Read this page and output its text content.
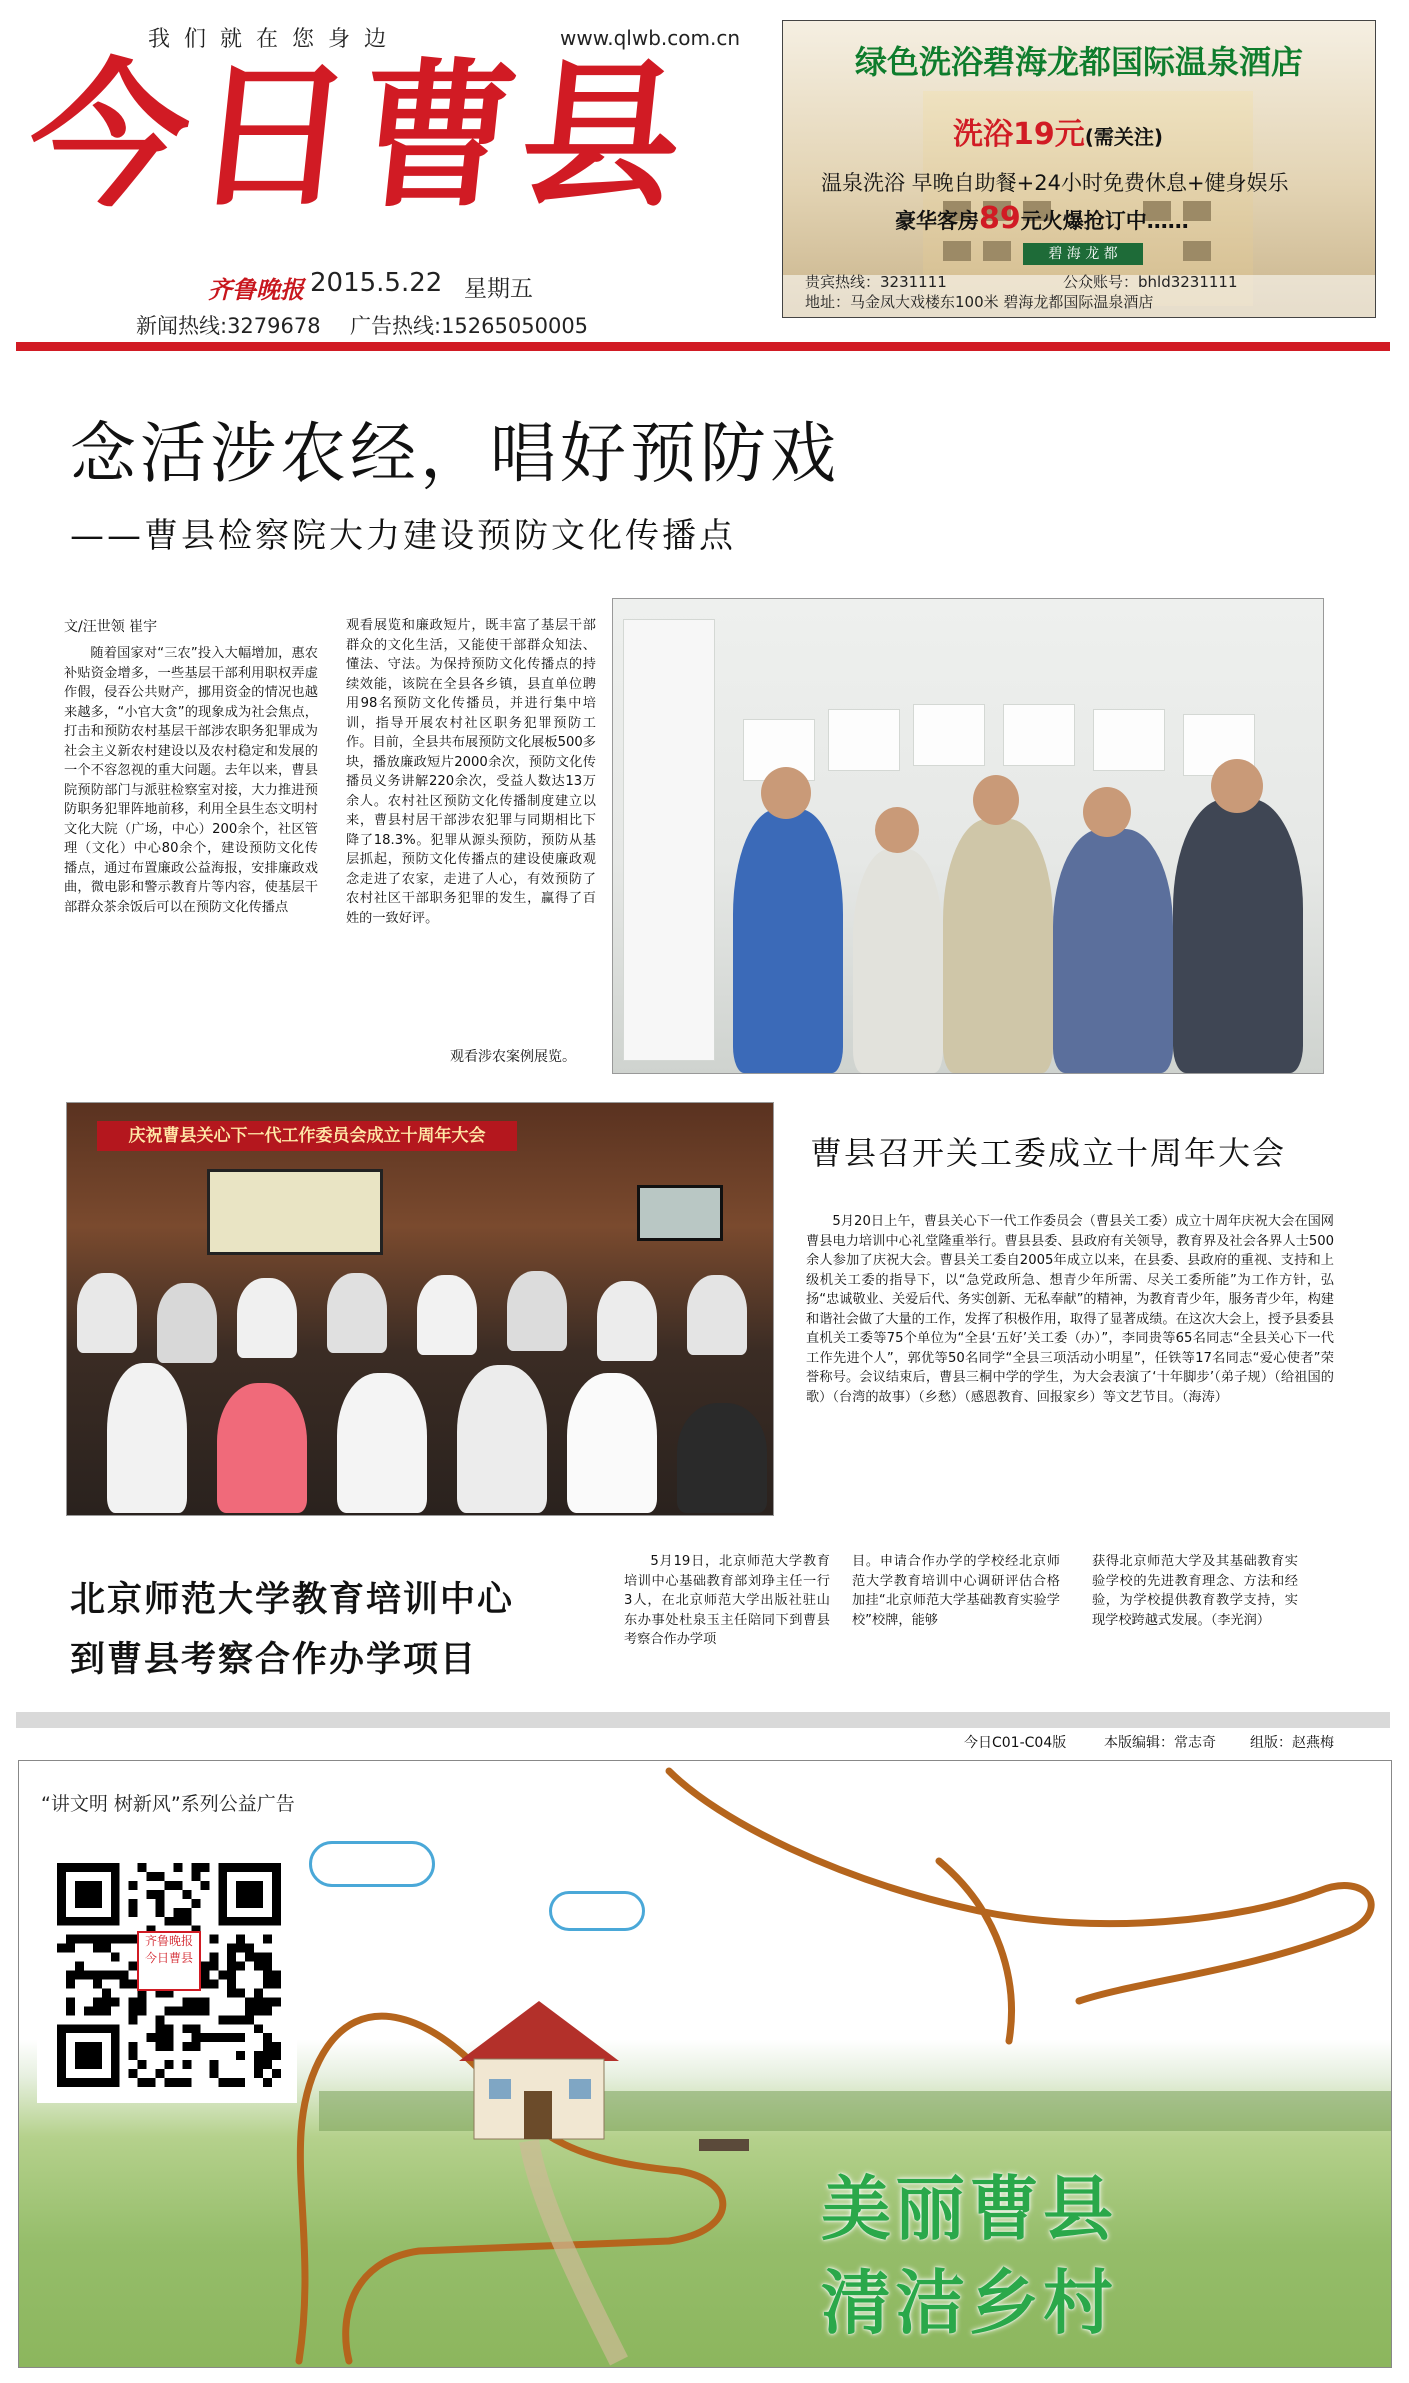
我们就在您身边	www.qlwb.com.cn
今日曹县
齐鲁晚报 2015.5.22 星期五
新闻热线:3279678 广告热线:15265050005
绿色洗浴碧海龙都国际温泉酒店
洗浴19元(需关注)
温泉洗浴 早晚自助餐+24小时免费休息+健身娱乐
豪华客房89元火爆抢订中……
碧 海 龙 都
贵宾热线：3231111	公众账号：bhld3231111
地址：马金凤大戏楼东100米 碧海龙都国际温泉酒店
念活涉农经，唱好预防戏
——曹县检察院大力建设预防文化传播点
文/汪世领 崔宇
随着国家对“三农”投入大幅增加，惠农补贴资金增多，一些基层干部利用职权弄虚作假，侵吞公共财产，挪用资金的情况也越来越多，“小官大贪”的现象成为社会焦点，打击和预防农村基层干部涉农职务犯罪成为社会主义新农村建设以及农村稳定和发展的一个不容忽视的重大问题。去年以来，曹县院预防部门与派驻检察室对接，大力推进预防职务犯罪阵地前移，利用全县生态文明村文化大院（广场，中心）200余个，社区管理（文化）中心80余个，建设预防文化传播点，通过布置廉政公益海报，安排廉政戏曲，微电影和警示教育片等内容，使基层干部群众茶余饭后可以在预防文化传播点
观看展览和廉政短片，既丰富了基层干部群众的文化生活，又能使干部群众知法、懂法、守法。为保持预防文化传播点的持续效能，该院在全县各乡镇，县直单位聘用98名预防文化传播员，并进行集中培训，指导开展农村社区职务犯罪预防工作。目前，全县共布展预防文化展板500多块，播放廉政短片2000余次，预防文化传播员义务讲解220余次，受益人数达13万余人。农村社区预防文化传播制度建立以来，曹县村居干部涉农犯罪与同期相比下降了18.3%。犯罪从源头预防，预防从基层抓起，预防文化传播点的建设使廉政观念走进了农家，走进了人心，有效预防了农村社区干部职务犯罪的发生，赢得了百姓的一致好评。
观看涉农案例展览。
庆祝曹县关心下一代工作委员会成立十周年大会	曹县召开关工委成立十周年大会
5月20日上午，曹县关心下一代工作委员会（曹县关工委）成立十周年庆祝大会在国网曹县电力培训中心礼堂隆重举行。曹县县委、县政府有关领导，教育界及社会各界人士500余人参加了庆祝大会。曹县关工委自2005年成立以来，在县委、县政府的重视、支持和上级机关工委的指导下，以“急党政所急、想青少年所需、尽关工委所能”为工作方针，弘扬“忠诚敬业、关爱后代、务实创新、无私奉献”的精神，为教育青少年，服务青少年，构建和谐社会做了大量的工作，发挥了积极作用，取得了显著成绩。在这次大会上，授予县委县直机关工委等75个单位为“全县‘五好’关工委（办）”，李同贵等65名同志“全县关心下一代工作先进个人”，郭优等50名同学“全县三项活动小明星”，任铁等17名同志“爱心使者”荣誉称号。会议结束后，曹县三桐中学的学生，为大会表演了‘十年脚步’（弟子规）（给祖国的歌）（台湾的故事）（乡愁）（感恩教育、回报家乡）等文艺节目。（海涛）
北京师范大学教育培训中心
到曹县考察合作办学项目
5月19日，北京师范大学教育培训中心基础教育部刘琤主任一行3人，在北京师范大学出版社驻山东办事处杜泉玉主任陪同下到曹县考察合作办学项
目。申请合作办学的学校经北京师范大学教育培训中心调研评估合格加挂“北京师范大学基础教育实验学校”校牌，能够
获得北京师范大学及其基础教育实验学校的先进教育理念、方法和经验，为学校提供教育教学支持，实现学校跨越式发展。（李光润）
今日C01-C04版	本版编辑：常志奇 组版：赵燕梅
“讲文明 树新风”系列公益广告
齐鲁晚报
今日曹县
美丽曹县
清洁乡村
